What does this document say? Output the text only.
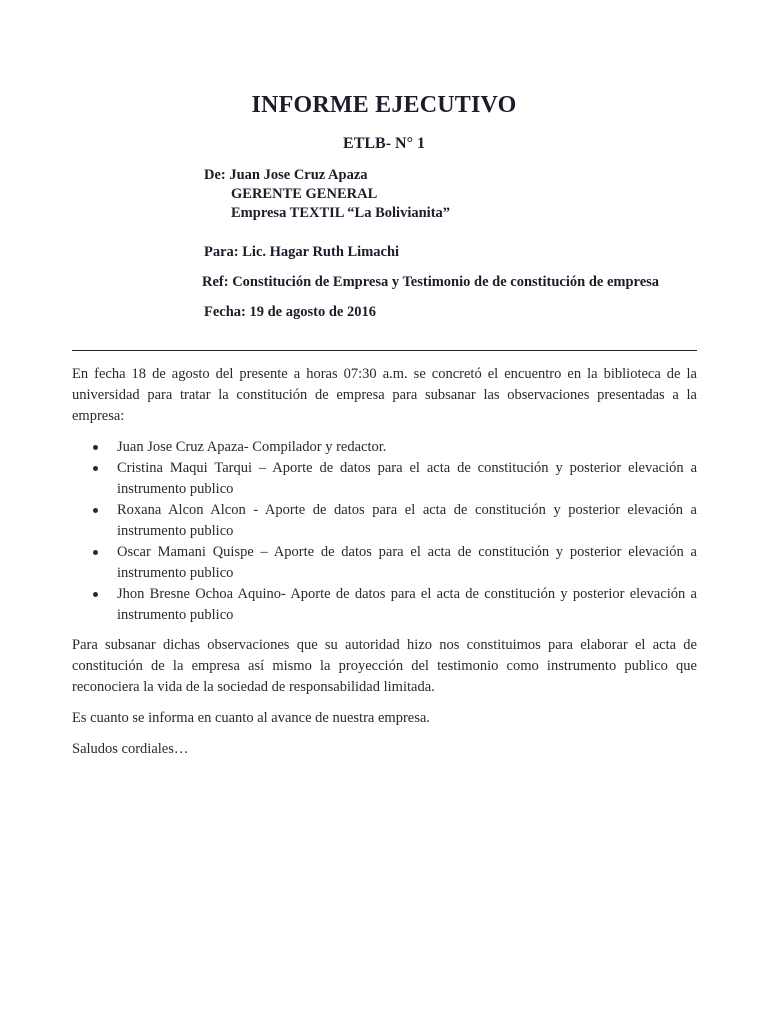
INFORME EJECUTIVO
ETLB- N° 1
De: Juan Jose Cruz Apaza
GERENTE GENERAL
Empresa TEXTIL “La Bolivianita”
Para: Lic. Hagar Ruth Limachi
Ref: Constitución de Empresa y Testimonio de de constitución de empresa
Fecha: 19 de agosto de 2016
En fecha 18 de agosto del presente a horas 07:30 a.m. se concretó el encuentro en la biblioteca de la universidad para tratar la constitución de empresa para subsanar las observaciones presentadas a la empresa:
Juan Jose Cruz Apaza- Compilador y redactor.
Cristina Maqui Tarqui – Aporte de datos para el acta de constitución y posterior elevación a instrumento publico
Roxana Alcon Alcon - Aporte de datos para el acta de constitución y posterior elevación a instrumento publico
Oscar Mamani Quispe – Aporte de datos para el acta de constitución y posterior elevación a instrumento publico
Jhon Bresne Ochoa Aquino- Aporte de datos para el acta de constitución y posterior elevación a instrumento publico
Para subsanar dichas observaciones que su autoridad hizo nos constituimos para elaborar el acta de constitución de la empresa así mismo la proyección del testimonio como instrumento publico que reconociera la vida de la sociedad de responsabilidad limitada.
Es cuanto se informa en cuanto al avance de nuestra empresa.
Saludos cordiales…
